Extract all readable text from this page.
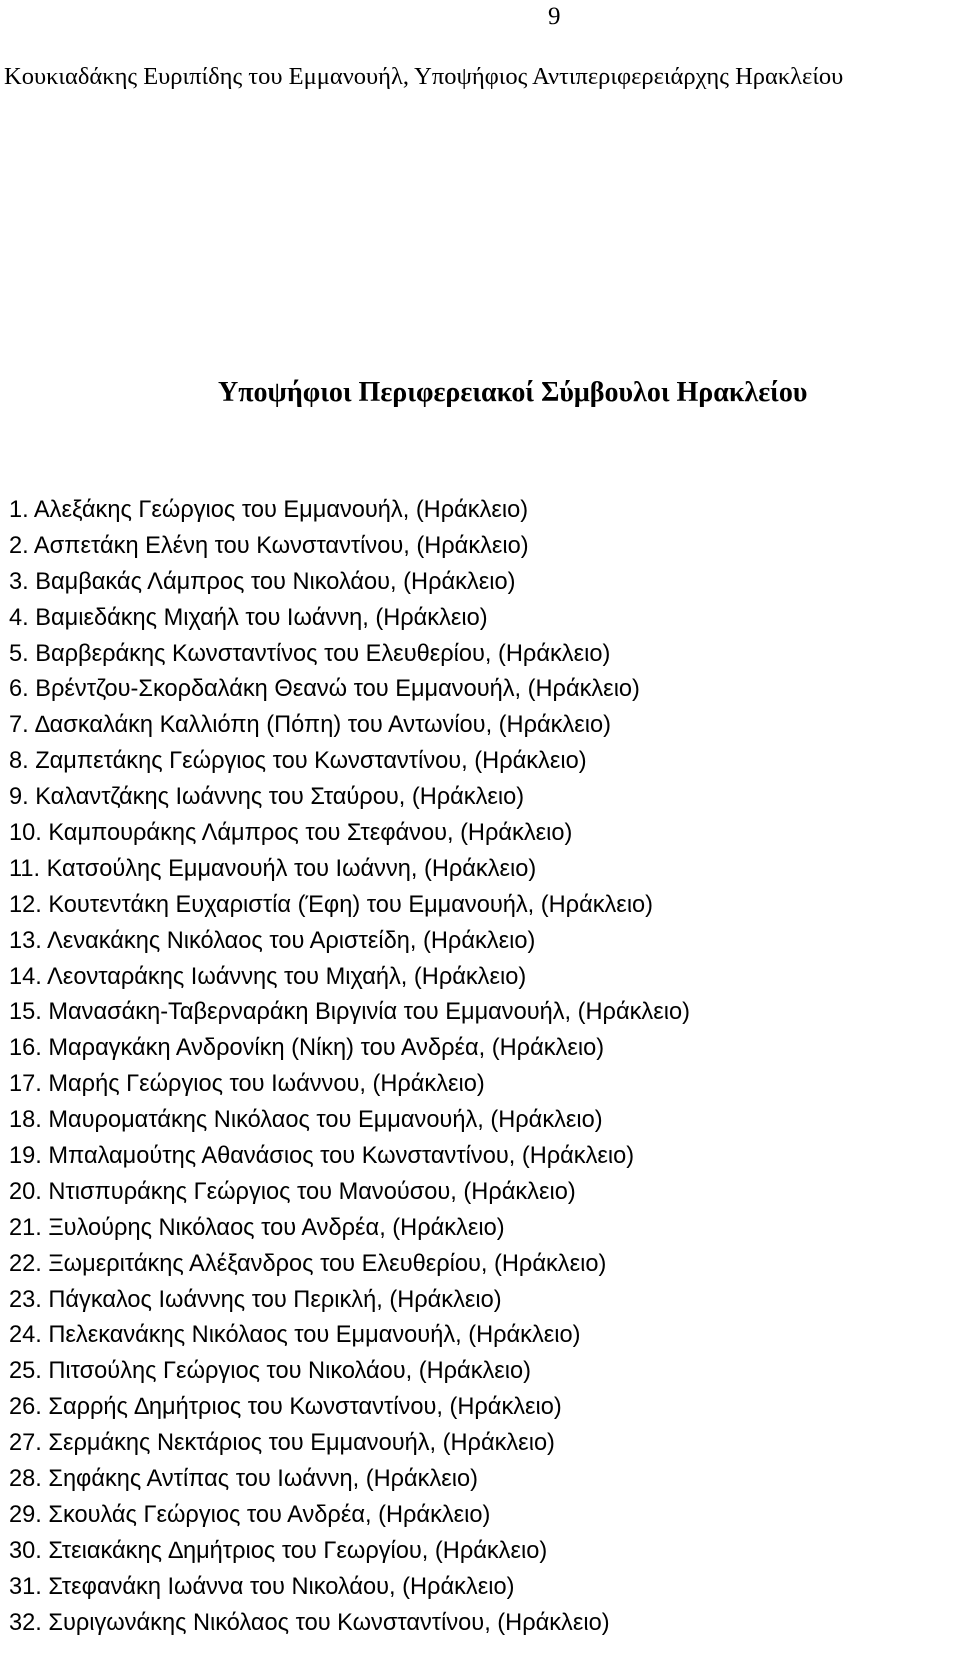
9
Κουκιαδάκης Ευριπίδης του Εμμανουήλ, Υποψήφιος Αντιπεριφερειάρχης Ηρακλείου
Υποψήφιοι Περιφερειακοί Σύμβουλοι Ηρακλείου
1. Αλεξάκης Γεώργιος του Εμμανουήλ, (Ηράκλειο)
2. Ασπετάκη Ελένη του Κωνσταντίνου, (Ηράκλειο)
3. Βαμβακάς Λάμπρος του Νικολάου, (Ηράκλειο)
4. Βαμιεδάκης Μιχαήλ του Ιωάννη, (Ηράκλειο)
5. Βαρβεράκης Κωνσταντίνος του Ελευθερίου, (Ηράκλειο)
6. Βρέντζου-Σκορδαλάκη Θεανώ του Εμμανουήλ, (Ηράκλειο)
7. ∆ασκαλάκη Καλλιόπη (Πόπη) του Αντωνίου, (Ηράκλειο)
8. Ζαμπετάκης Γεώργιος του Κωνσταντίνου, (Ηράκλειο)
9. Καλαντζάκης Ιωάννης του Σταύρου, (Ηράκλειο)
10. Καμπουράκης Λάμπρος του Στεφάνου, (Ηράκλειο)
11. Κατσούλης Εμμανουήλ του Ιωάννη, (Ηράκλειο)
12. Κουτεντάκη Ευχαριστία (Έφη) του Εμμανουήλ, (Ηράκλειο)
13. Λενακάκης Νικόλαος του Αριστείδη, (Ηράκλειο)
14. Λεονταράκης Ιωάννης του Μιχαήλ, (Ηράκλειο)
15. Μανασάκη-Ταβερναράκη Βιργινία του Εμμανουήλ, (Ηράκλειο)
16. Μαραγκάκη Ανδρονίκη (Νίκη) του Ανδρέα, (Ηράκλειο)
17. Μαρής Γεώργιος του Ιωάννου, (Ηράκλειο)
18. Μαυροματάκης Νικόλαος του Εμμανουήλ, (Ηράκλειο)
19. Μπαλαμούτης Αθανάσιος του Κωνσταντίνου, (Ηράκλειο)
20. Ντισπυράκης Γεώργιος του Μανούσου, (Ηράκλειο)
21. Ξυλούρης Νικόλαος του Ανδρέα, (Ηράκλειο)
22. Ξωμεριτάκης Αλέξανδρος του Ελευθερίου, (Ηράκλειο)
23. Πάγκαλος Ιωάννης του Περικλή, (Ηράκλειο)
24. Πελεκανάκης Νικόλαος του Εμμανουήλ, (Ηράκλειο)
25. Πιτσούλης Γεώργιος του Νικολάου, (Ηράκλειο)
26. Σαρρής ∆ημήτριος του Κωνσταντίνου, (Ηράκλειο)
27. Σερμάκης Νεκτάριος του Εμμανουήλ, (Ηράκλειο)
28. Σηφάκης Αντίπας του Ιωάννη, (Ηράκλειο)
29. Σκουλάς Γεώργιος του Ανδρέα, (Ηράκλειο)
30. Στειακάκης ∆ημήτριος του Γεωργίου, (Ηράκλειο)
31. Στεφανάκη Ιωάννα του Νικολάου, (Ηράκλειο)
32. Συριγωνάκης Νικόλαος του Κωνσταντίνου, (Ηράκλειο)
